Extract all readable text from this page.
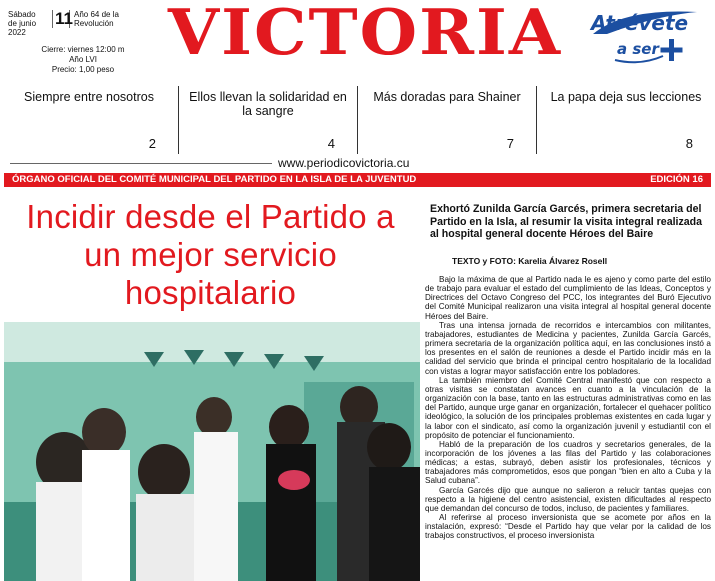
Sábado
de junio 2022
11 Año 64 de la
Revolución
Cierre: viernes 12:00 m
Año LVI
Precio: 1,00 peso
VICTORIA	Atrévete
a ser
Siempre entre nosotros
2
Ellos llevan la solidaridad en la sangre
4
Más doradas para Shainer
7
La papa deja sus lecciones
8
www.periodicovictoria.cu
ÓRGANO OFICIAL DEL COMITÉ MUNICIPAL DEL PARTIDO EN LA ISLA DE LA JUVENTUD	EDICIÓN 16
Incidir desde el Partido a un mejor servicio hospitalario
Exhortó Zunilda García Garcés, primera secretaria del Partido en la Isla, al resumir la visita integral realizada al hospital general docente Héroes del Baire
TEXTO y FOTO: Karelia Álvarez Rosell

Bajo la máxima de que al Partido nada le es ajeno y como parte del estilo de trabajo para evaluar el estado del cumplimiento de las Ideas, Conceptos y Directrices del Octavo Congreso del PCC, los integrantes del Buró Ejecutivo del Comité Municipal realizaron una visita integral al hospital general docente Héroes del Baire.

Tras una intensa jornada de recorridos e intercambios con militantes, trabajadores, estudiantes de Medicina y pacientes, Zunilda García Garcés, primera secretaria de la organización política aquí, en las conclusiones instó a los presentes en el salón de reuniones a desde el Partido incidir más en la calidad del servicio que brinda el principal centro hospitalario de la localidad con vistas a lograr mayor satisfacción entre los pobladores.

La también miembro del Comité Central manifestó que con respecto a otras visitas se constatan avances en cuanto a la vinculación de la organización con la base, tanto en las estructuras administrativas como en las del Partido, aunque urge ganar en organización, fortalecer el quehacer político ideológico, la solución de los principales problemas existentes en cada lugar y la labor con el sindicato, así como la organización juvenil y estudiantil con el propósito de potenciar el funcionamiento.

Habló de la preparación de los cuadros y secretarios generales, de la incorporación de los jóvenes a las filas del Partido y las colaboraciones médicas; a estas, subrayó, deben asistir los profesionales, técnicos y trabajadores más comprometidos, esos que pongan “bien en alto a Cuba y la Salud cubana”.

García Garcés dijo que aunque no salieron a relucir tantas quejas con respecto a la higiene del centro asistencial, existen dificultades al respecto que demandan del concurso de todos, incluso, de pacientes y familiares.

Al referirse al proceso inversionista que se acomete por años en la instalación, expresó: “Desde el Partido hay que velar por la calidad de los trabajos constructivos, el proceso inversionista
